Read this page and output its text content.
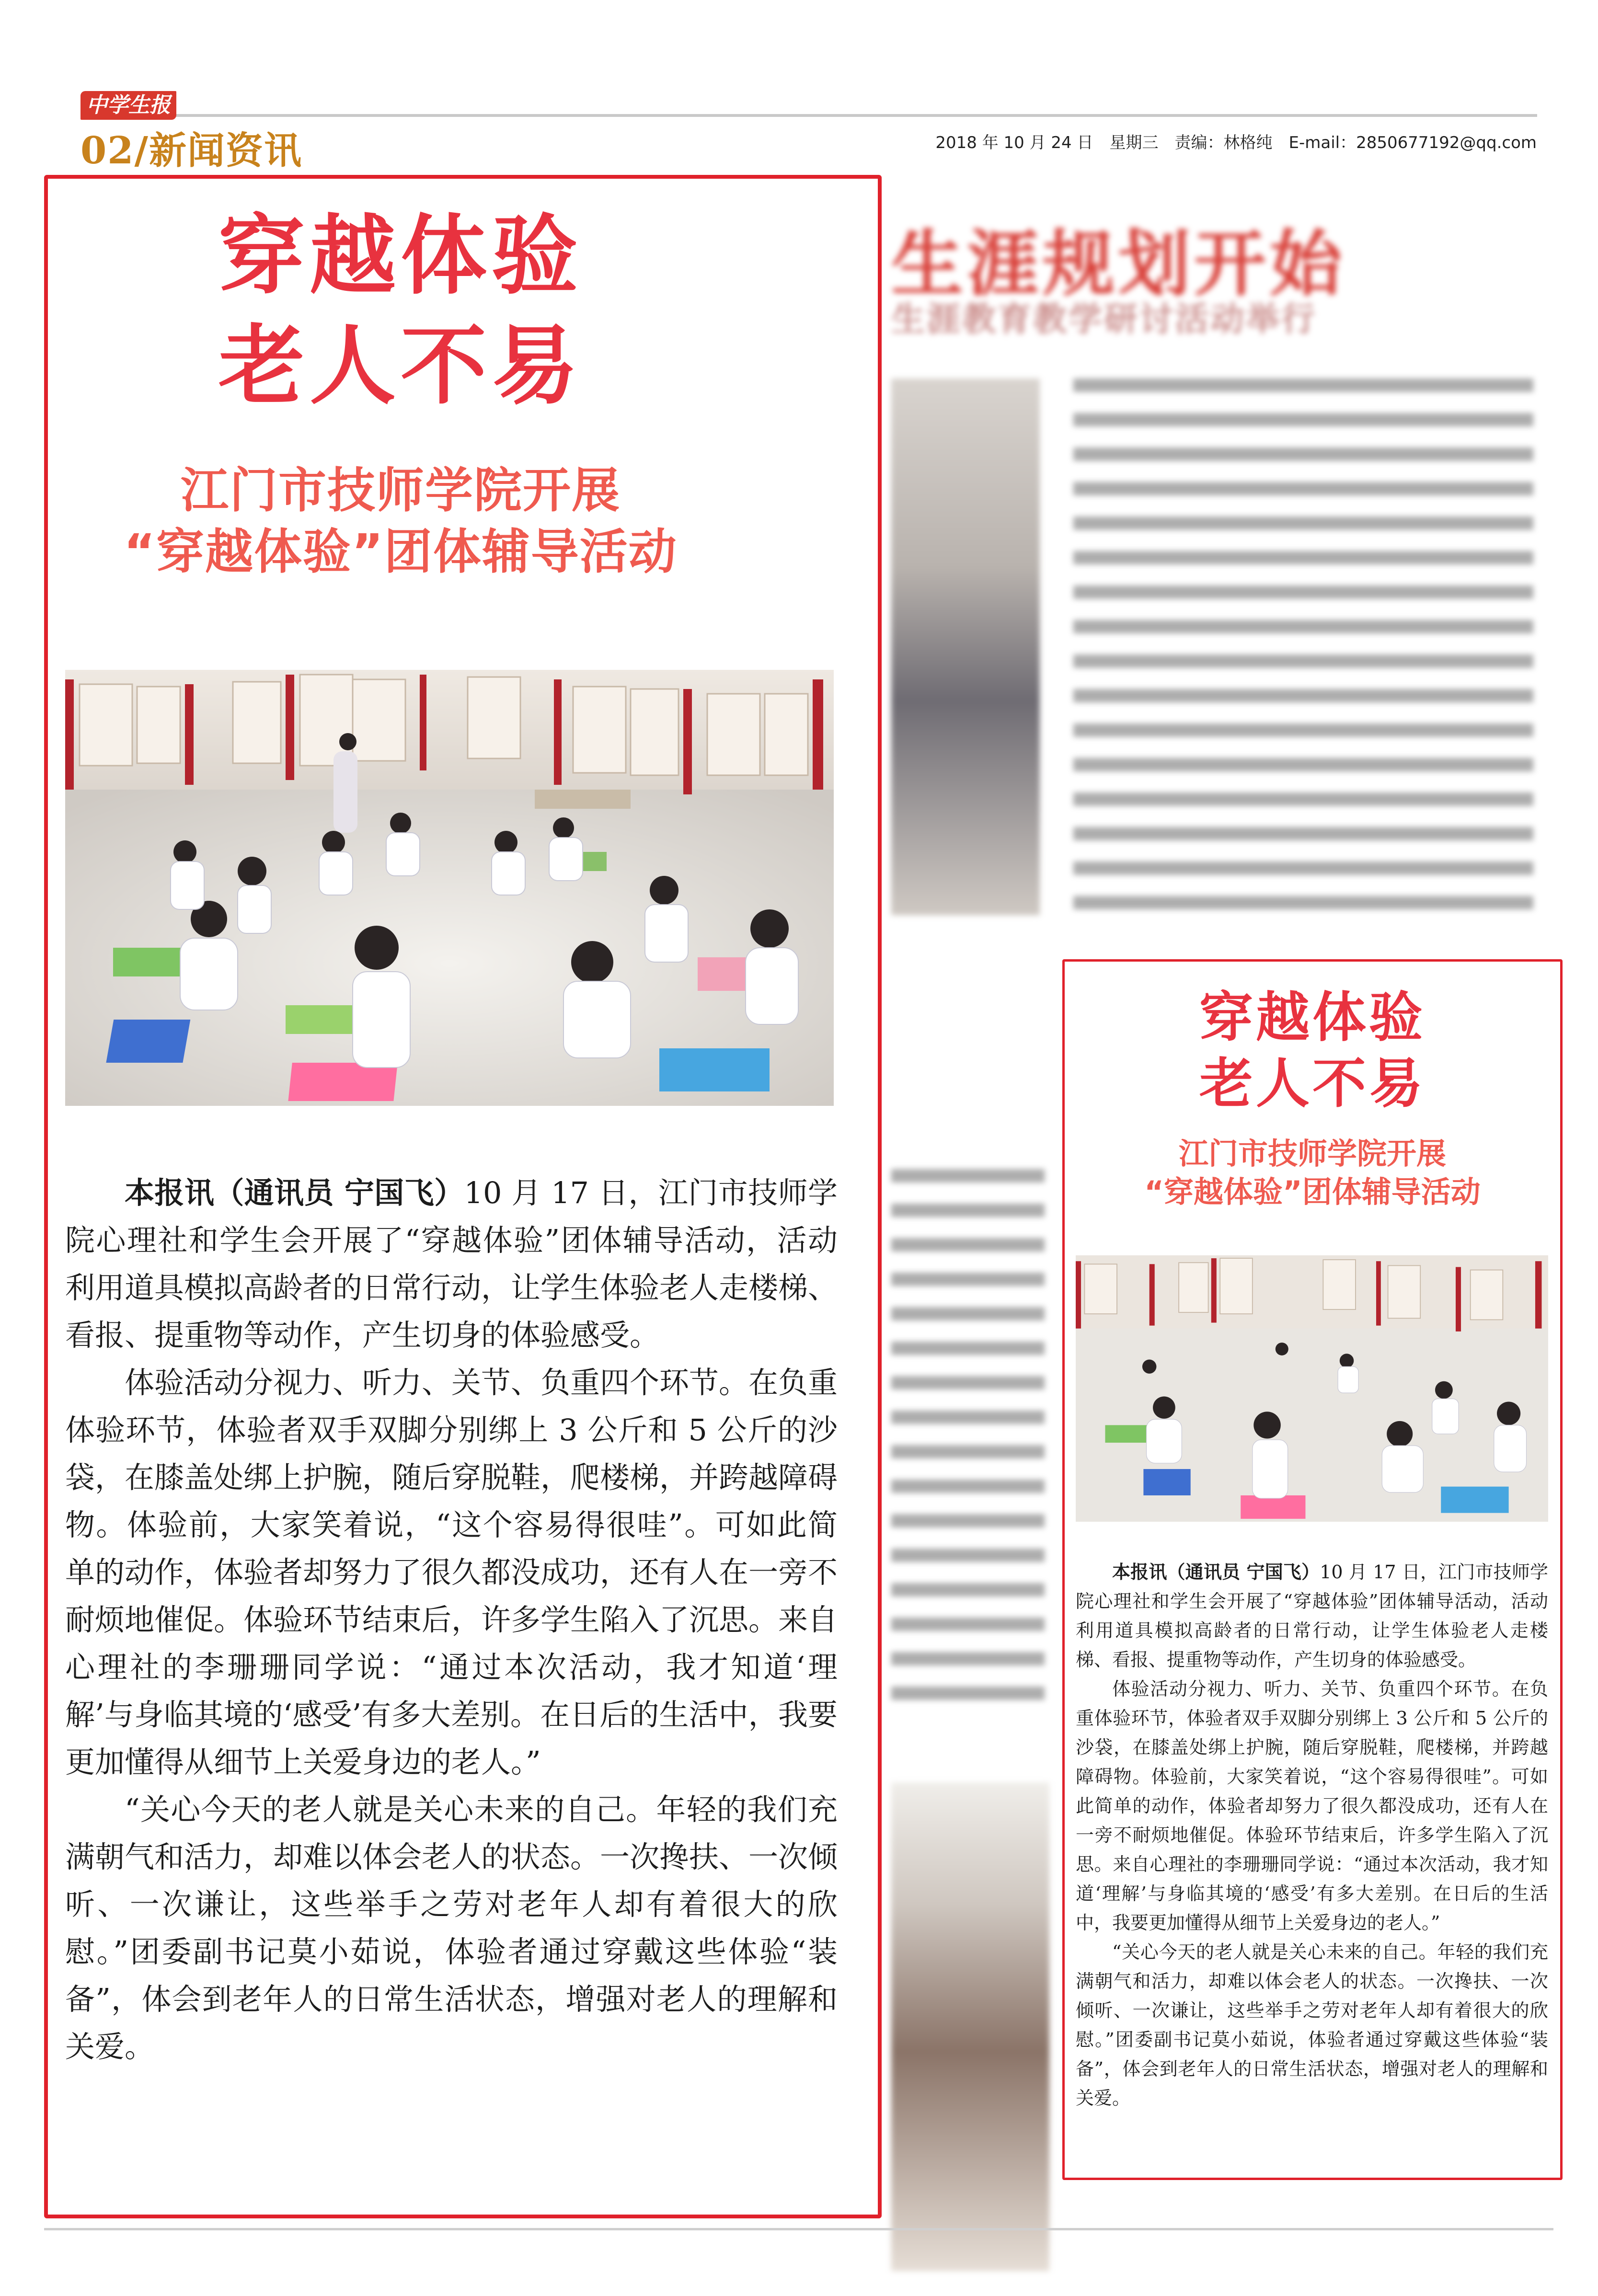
中学生报
02/新闻资讯	2018 年 10 月 24 日　星期三　责编：林格纯　E-mail：2850677192@qq.com
生涯规划开始
生涯教育教学研讨活动举行
穿越体验
老人不易
江门市技师学院开展
“穿越体验”团体辅导活动

本报讯（通讯员 宁国飞）10 月 17 日，江门市技师学院心理社和学生会开展了“穿越体验”团体辅导活动，活动利用道具模拟高龄者的日常行动，让学生体验老人走楼梯、看报、提重物等动作，产生切身的体验感受。

体验活动分视力、听力、关节、负重四个环节。在负重体验环节，体验者双手双脚分别绑上 3 公斤和 5 公斤的沙袋，在膝盖处绑上护腕，随后穿脱鞋，爬楼梯，并跨越障碍物。体验前，大家笑着说，“这个容易得很哇”。可如此简单的动作，体验者却努力了很久都没成功，还有人在一旁不耐烦地催促。体验环节结束后，许多学生陷入了沉思。来自心理社的李珊珊同学说：“通过本次活动，我才知道‘理解’与身临其境的‘感受’有多大差别。在日后的生活中，我要更加懂得从细节上关爱身边的老人。”

“关心今天的老人就是关心未来的自己。年轻的我们充满朝气和活力，却难以体会老人的状态。一次搀扶、一次倾听、一次谦让，这些举手之劳对老年人却有着很大的欣慰。”团委副书记莫小茹说，体验者通过穿戴这些体验“装备”，体会到老年人的日常生活状态，增强对老人的理解和关爱。

穿越体验
老人不易
江门市技师学院开展
“穿越体验”团体辅导活动

本报讯（通讯员 宁国飞）10 月 17 日，江门市技师学院心理社和学生会开展了“穿越体验”团体辅导活动，活动利用道具模拟高龄者的日常行动，让学生体验老人走楼梯、看报、提重物等动作，产生切身的体验感受。

体验活动分视力、听力、关节、负重四个环节。在负重体验环节，体验者双手双脚分别绑上 3 公斤和 5 公斤的沙袋，在膝盖处绑上护腕，随后穿脱鞋，爬楼梯，并跨越障碍物。体验前，大家笑着说，“这个容易得很哇”。可如此简单的动作，体验者却努力了很久都没成功，还有人在一旁不耐烦地催促。体验环节结束后，许多学生陷入了沉思。来自心理社的李珊珊同学说：“通过本次活动，我才知道‘理解’与身临其境的‘感受’有多大差别。在日后的生活中，我要更加懂得从细节上关爱身边的老人。”

“关心今天的老人就是关心未来的自己。年轻的我们充满朝气和活力，却难以体会老人的状态。一次搀扶、一次倾听、一次谦让，这些举手之劳对老年人却有着很大的欣慰。”团委副书记莫小茹说，体验者通过穿戴这些体验“装备”，体会到老年人的日常生活状态，增强对老人的理解和关爱。
